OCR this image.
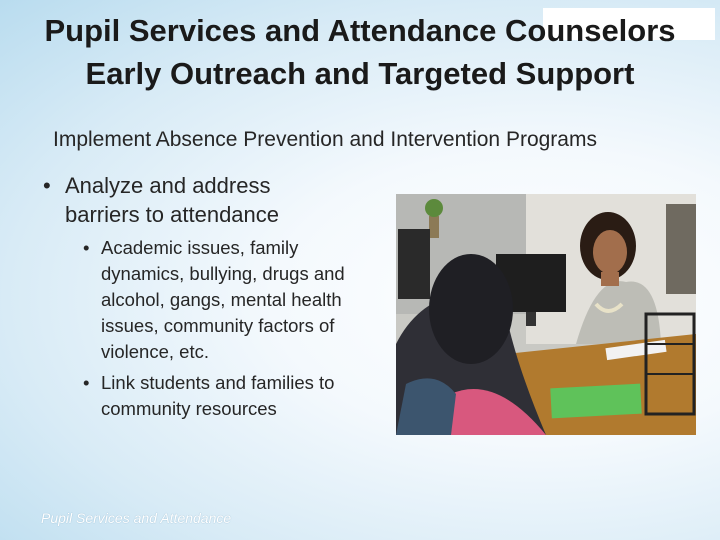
Pupil Services and Attendance Counselors
Early Outreach and Targeted Support
Implement Absence Prevention and Intervention Programs
• Analyze and address barriers to attendance
• Academic issues, family dynamics, bullying, drugs and alcohol, gangs, mental health issues, community factors of violence, etc.
• Link students and families to community resources
Pupil Services and Attendance
